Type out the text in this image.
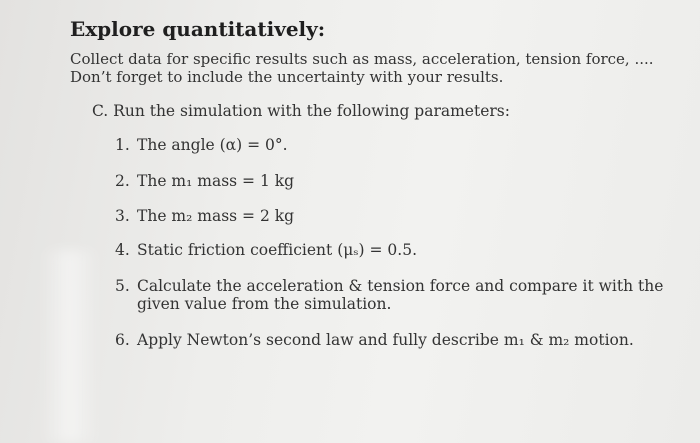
Explore quantitatively:
Collect data for specific results such as mass, acceleration, tension force, ....
Don’t forget to include the uncertainty with your results.
C. Run the simulation with the following parameters:
1. The angle (α) = 0°.
2. The m₁ mass = 1 kg
3. The m₂ mass = 2 kg
4. Static friction coefficient (μₛ) = 0.5.
5. Calculate the acceleration & tension force and compare it with the given value from the simulation.
6. Apply Newton’s second law and fully describe m₁ & m₂ motion.
